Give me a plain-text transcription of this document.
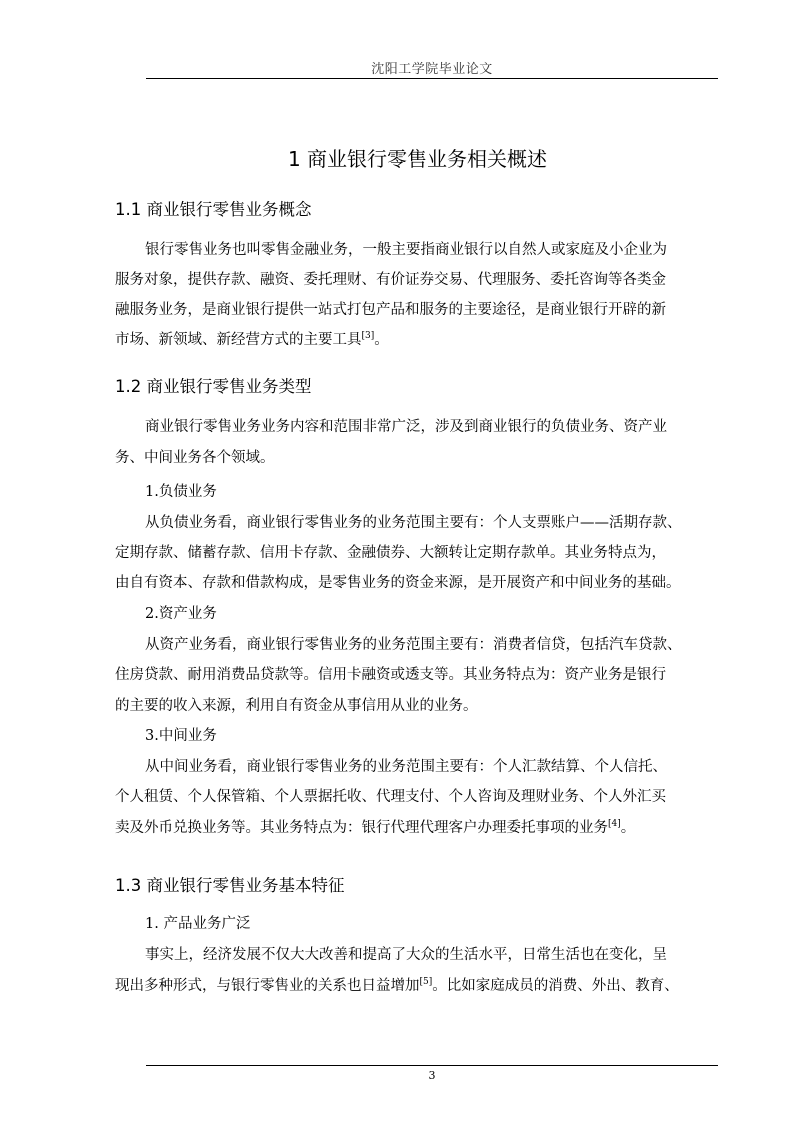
沈阳工学院毕业论文
1 商业银行零售业务相关概述
1.1 商业银行零售业务概念

银行零售业务也叫零售金融业务，一般主要指商业银行以自然人或家庭及小企业为

服务对象，提供存款、融资、委托理财、有价证券交易、代理服务、委托咨询等各类金

融服务业务，是商业银行提供一站式打包产品和服务的主要途径，是商业银行开辟的新

市场、新领域、新经营方式的主要工具[3]。

1.2 商业银行零售业务类型

商业银行零售业务业务内容和范围非常广泛，涉及到商业银行的负债业务、资产业

务、中间业务各个领域。

1.负债业务

从负债业务看，商业银行零售业务的业务范围主要有：个人支票账户——活期存款、

定期存款、储蓄存款、信用卡存款、金融债券、大额转让定期存款单。其业务特点为，

由自有资本、存款和借款构成，是零售业务的资金来源，是开展资产和中间业务的基础。

2.资产业务

从资产业务看，商业银行零售业务的业务范围主要有：消费者信贷，包括汽车贷款、

住房贷款、耐用消费品贷款等。信用卡融资或透支等。其业务特点为：资产业务是银行

的主要的收入来源，利用自有资金从事信用从业的业务。

3.中间业务

从中间业务看，商业银行零售业务的业务范围主要有：个人汇款结算、个人信托、

个人租赁、个人保管箱、个人票据托收、代理支付、个人咨询及理财业务、个人外汇买

卖及外币兑换业务等。其业务特点为：银行代理代理客户办理委托事项的业务[4]。

1.3 商业银行零售业务基本特征

1. 产品业务广泛

事实上，经济发展不仅大大改善和提高了大众的生活水平，日常生活也在变化，呈

现出多种形式，与银行零售业的关系也日益增加[5]。比如家庭成员的消费、外出、教育、

3
